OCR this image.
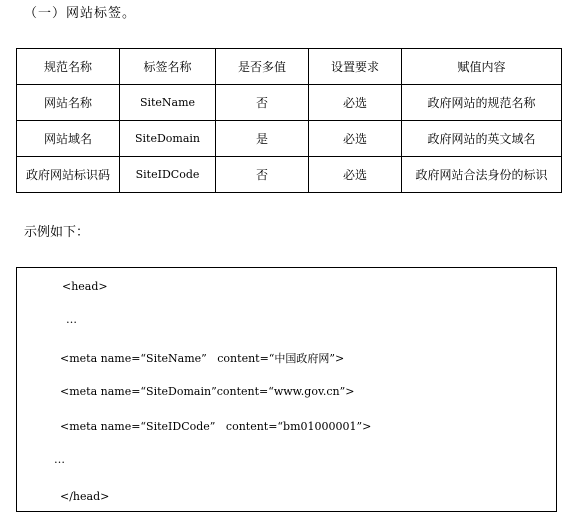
（一）网站标签。
规范名称	标签名称	是否多值	设置要求	赋值内容
网站名称	SiteName	否	必选	政府网站的规范名称
网站域名	SiteDomain	是	必选	政府网站的英文域名
政府网站标识码	SiteIDCode	否	必选	政府网站合法身份的标识
示例如下：
<head>
…
<meta name=“SiteName”   content=“中国政府网”>
<meta name=“SiteDomain”content=“www.gov.cn”>
<meta name=“SiteIDCode”   content=“bm01000001”>
…
</head>
